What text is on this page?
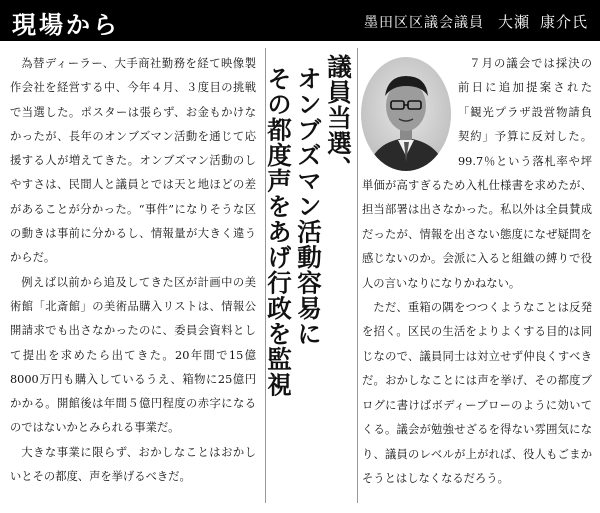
現場から	墨田区区議会議員 大瀬 康介氏

為替ディーラー、大手商社勤務を経て映像製作会社を経営する中、今年４月、３度目の挑戦で当選した。ポスターは張らず、お金もかけなかったが、長年のオンブズマン活動を通じて応援する人が増えてきた。オンブズマン活動のしやすさは、民間人と議員とでは天と地ほどの差があることが分かった。“事件”になりそうな区の動きは事前に分かるし、情報量が大きく違うからだ。

例えば以前から追及してきた区が計画中の美術館「北斎館」の美術品購入リストは、情報公開請求でも出さなかったのに、委員会資料として提出を求めたら出てきた。20年間で15億8000万円も購入しているうえ、箱物に25億円かかる。開館後は年間５億円程度の赤字になるのではないかとみられる事業だ。

大きな事業に限らず、おかしなことはおかしいとその都度、声を挙げるべきだ。

議員当選、
オンブズマン活動容易に
その都度声をあげ行政を監視

７月の議会では採決の前日に追加提案された「観光プラザ設営物請負契約」予算に反対した。99.7％という落札率や坪単価が高すぎるため入札仕様書を求めたが、担当部署は出さなかった。私以外は全員賛成だったが、情報を出さない態度になぜ疑問を感じないのか。会派に入ると組織の縛りで役人の言いなりになりかねない。

ただ、重箱の隅をつつくようなことは反発を招く。区民の生活をよりよくする目的は同じなので、議員同士は対立せず仲良くすべきだ。おかしなことには声を挙げ、その都度ブログに書けばボディーブローのように効いてくる。議会が勉強せざるを得ない雰囲気になり、議員のレベルが上がれば、役人もごまかそうとはしなくなるだろう。
